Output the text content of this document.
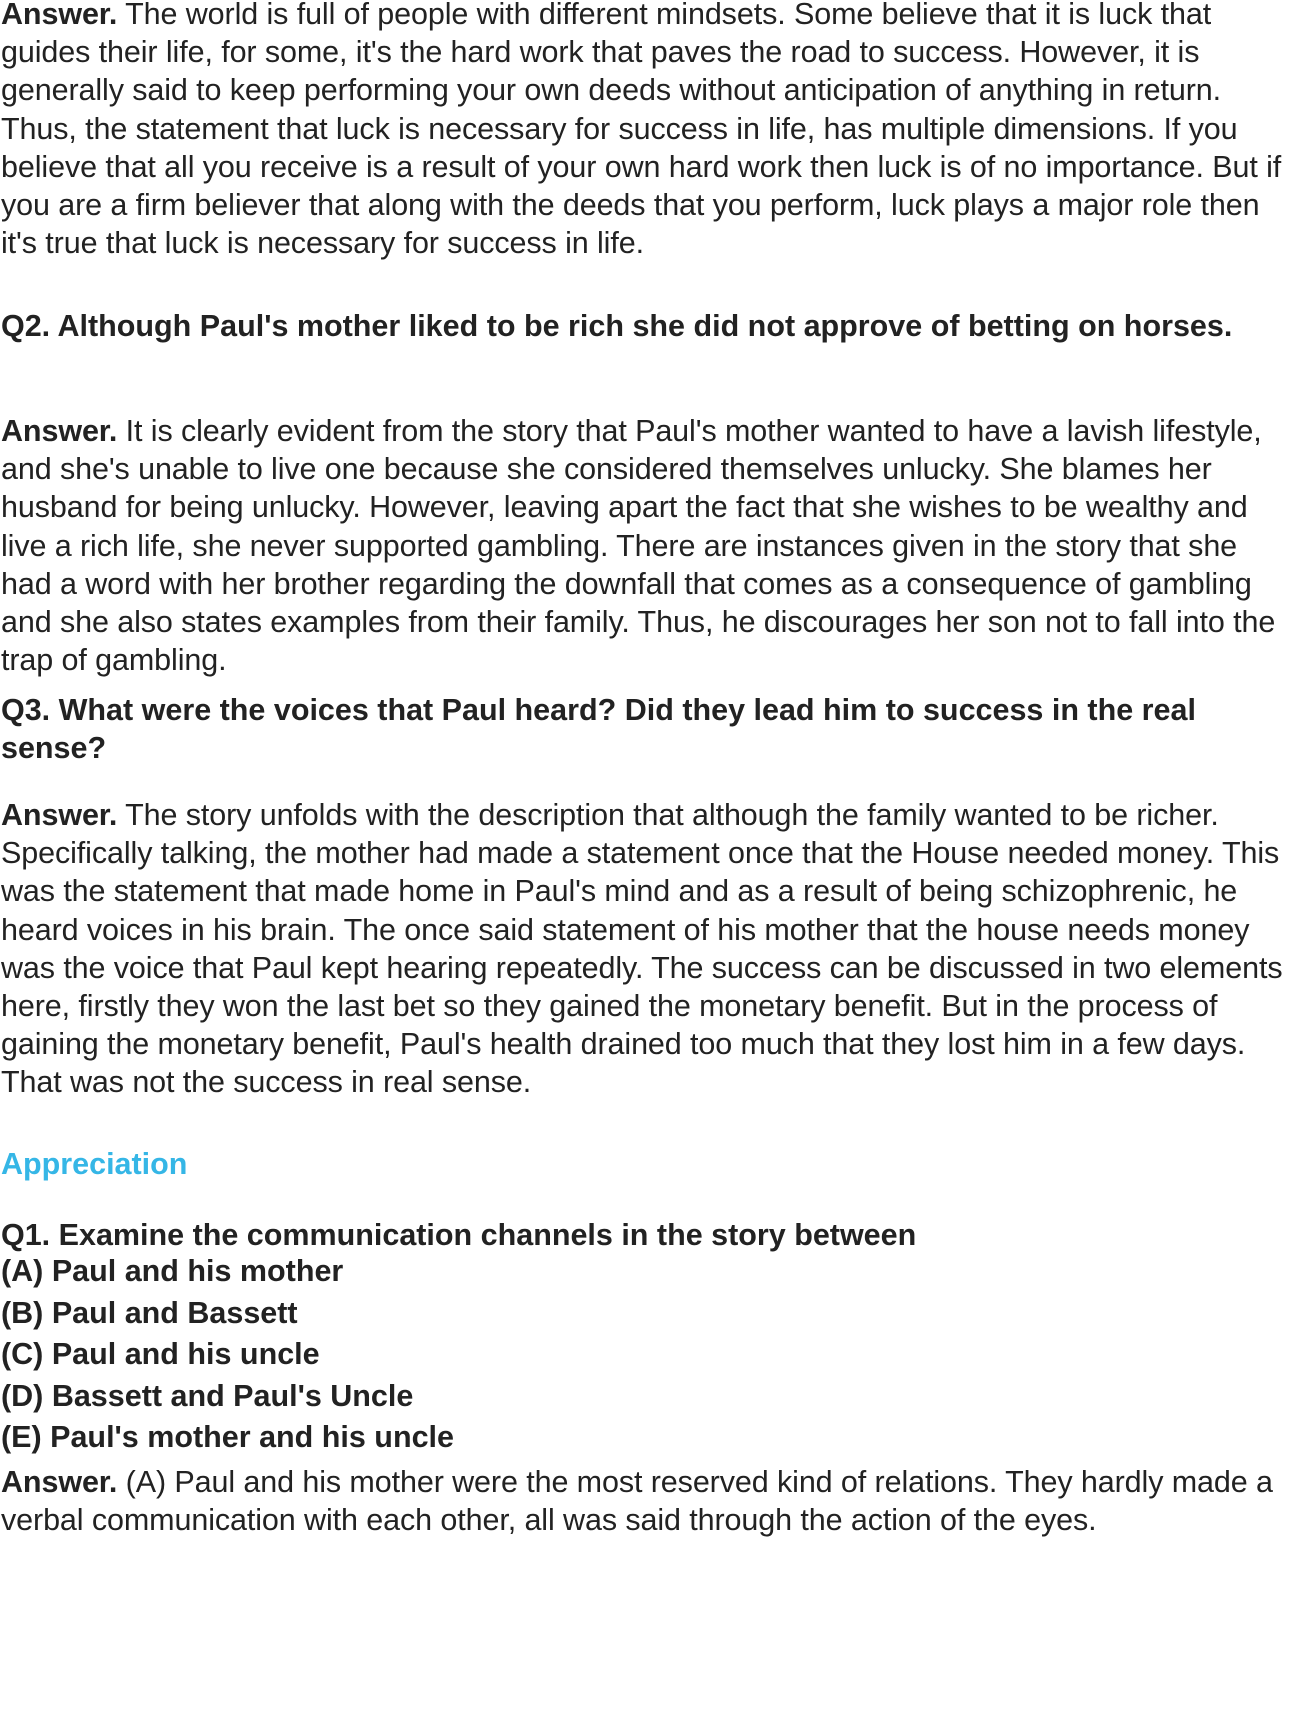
Answer. The world is full of people with different mindsets. Some believe that it is luck that guides their life, for some, it's the hard work that paves the road to success. However, it is generally said to keep performing your own deeds without anticipation of anything in return. Thus, the statement that luck is necessary for success in life, has multiple dimensions. If you believe that all you receive is a result of your own hard work then luck is of no importance. But if you are a firm believer that along with the deeds that you perform, luck plays a major role then it's true that luck is necessary for success in life.

Q2. Although Paul's mother liked to be rich she did not approve of betting on horses.

Answer. It is clearly evident from the story that Paul's mother wanted to have a lavish lifestyle, and she's unable to live one because she considered themselves unlucky. She blames her husband for being unlucky. However, leaving apart the fact that she wishes to be wealthy and live a rich life, she never supported gambling. There are instances given in the story that she had a word with her brother regarding the downfall that comes as a consequence of gambling and she also states examples from their family. Thus, he discourages her son not to fall into the trap of gambling.

Q3. What were the voices that Paul heard? Did they lead him to success in the real sense?

Answer. The story unfolds with the description that although the family wanted to be richer. Specifically talking, the mother had made a statement once that the House needed money. This was the statement that made home in Paul's mind and as a result of being schizophrenic, he heard voices in his brain. The once said statement of his mother that the house needs money was the voice that Paul kept hearing repeatedly. The success can be discussed in two elements here, firstly they won the last bet so they gained the monetary benefit. But in the process of gaining the monetary benefit, Paul's health drained too much that they lost him in a few days. That was not the success in real sense.

Appreciation

Q1. Examine the communication channels in the story between

(A) Paul and his mother
(B) Paul and Bassett
(C) Paul and his uncle
(D) Bassett and Paul's Uncle
(E) Paul's mother and his uncle

Answer. (A) Paul and his mother were the most reserved kind of relations. They hardly made a verbal communication with each other, all was said through the action of the eyes.
